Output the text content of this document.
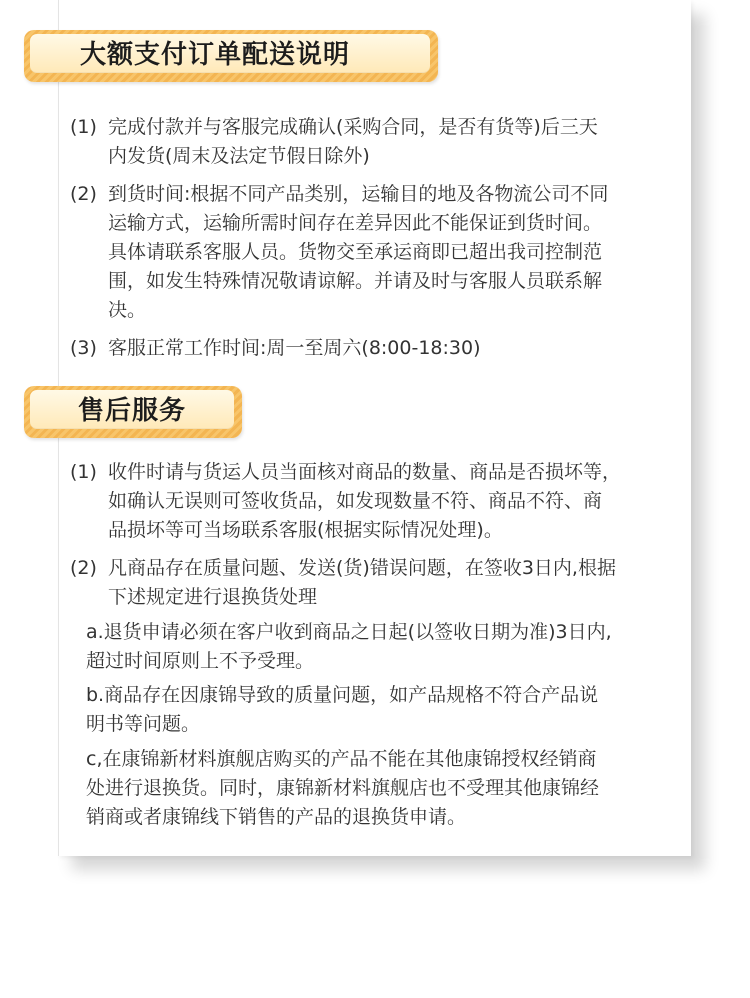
大额支付订单配送说明
(1) 完成付款并与客服完成确认(采购合同，是否有货等)后三天
内发货(周末及法定节假日除外)
(2) 到货时间:根据不同产品类别，运输目的地及各物流公司不同
运输方式，运输所需时间存在差异因此不能保证到货时间。
具体请联系客服人员。货物交至承运商即已超出我司控制范
围，如发生特殊情况敬请谅解。并请及时与客服人员联系解
决。
(3) 客服正常工作时间:周一至周六(8:00-18:30)
售后服务
(1) 收件时请与货运人员当面核对商品的数量、商品是否损坏等，
如确认无误则可签收货品，如发现数量不符、商品不符、商
品损坏等可当场联系客服(根据实际情况处理)。
(2) 凡商品存在质量问题、发送(货)错误问题，在签收3日内,根据
下述规定进行退换货处理
a.退货申请必须在客户收到商品之日起(以签收日期为准)3日内,
超过时间原则上不予受理。
b.商品存在因康锦导致的质量问题，如产品规格不符合产品说
明书等问题。
c,在康锦新材料旗舰店购买的产品不能在其他康锦授权经销商
处进行退换货。同时，康锦新材料旗舰店也不受理其他康锦经
销商或者康锦线下销售的产品的退换货申请。
